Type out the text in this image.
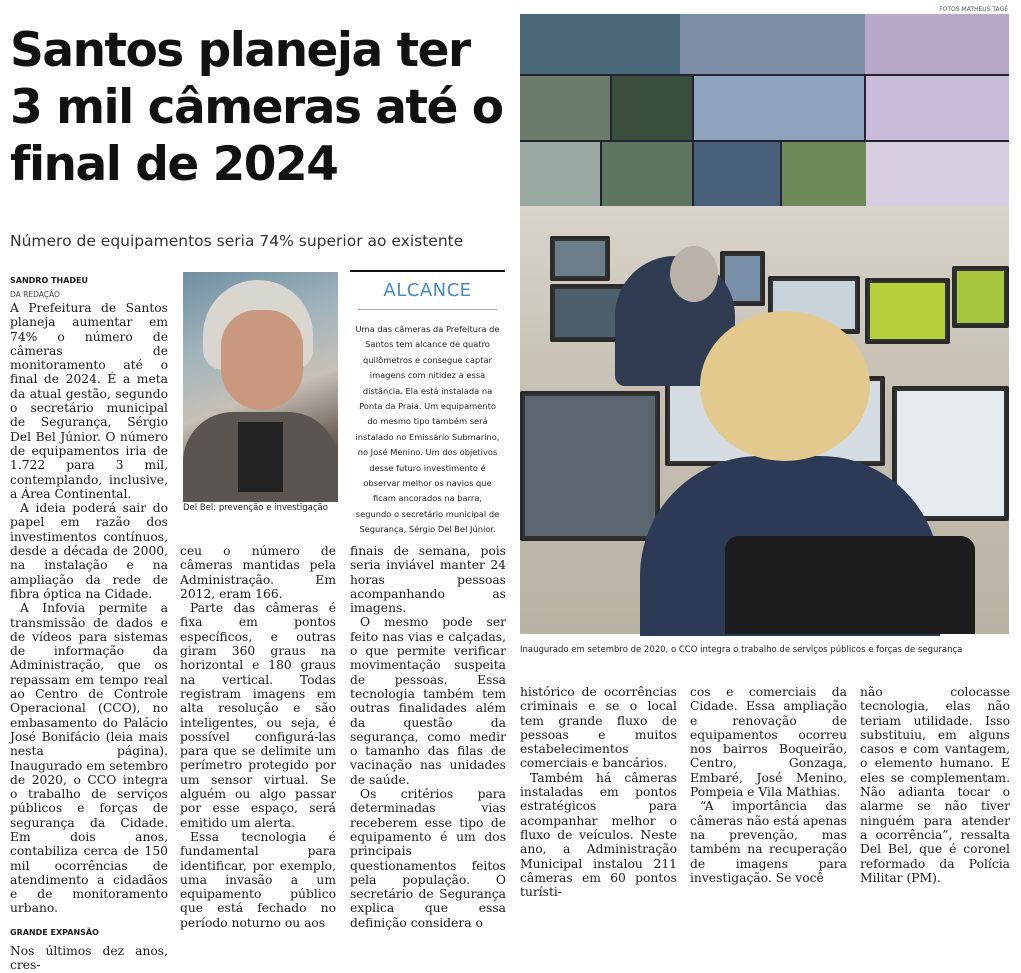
FOTOS MATHEUS TAGÉ
Santos planeja ter 3 mil câmeras até o final de 2024
Número de equipamentos seria 74% superior ao existente
SANDRO THADEU
DA REDAÇÃO

A Prefeitura de Santos planeja aumentar em 74% o número de câmeras de monitoramento até o final de 2024. É a meta da atual gestão, segundo o secretário municipal de Segurança, Sérgio Del Bel Júnior. O número de equipamentos iria de 1.722 para 3 mil, contemplando, inclusive, a Área Continental.

A ideia poderá sair do papel em razão dos investimentos contínuos, desde a década de 2000, na instalação e na ampliação da rede de fibra óptica na Cidade.

A Infovia permite a transmissão de dados e de vídeos para sistemas de informação da Administração, que os repassam em tempo real ao Centro de Controle Operacional (CCO), no embasamento do Palácio José Bonifácio (leia mais nesta página). Inaugurado em setembro de 2020, o CCO integra o trabalho de serviços públicos e forças de segurança da Cidade. Em dois anos, contabiliza cerca de 150 mil ocorrências de atendimento a cidadãos e de monitoramento urbano.

GRANDE EXPANSÃO

Nos últimos dez anos, cres-

Del Bel: prevenção e investigação
ALCANCE
Uma das câmeras da Prefeitura de Santos tem alcance de quatro quilômetros e consegue captar imagens com nitidez a essa distância. Ela está instalada na Ponta da Praia. Um equipamento do mesmo tipo também será instalado no Emissário Submarino, no José Menino. Um dos objetivos desse futuro investimento é observar melhor os navios que ficam ancorados na barra, segundo o secretário municipal de Segurança, Sérgio Del Bel Júnior.

ceu o número de câmeras mantidas pela Administração. Em 2012, eram 166.

Parte das câmeras é fixa em pontos específicos, e outras giram 360 graus na horizontal e 180 graus na vertical. Todas registram imagens em alta resolução e são inteligentes, ou seja, é possível configurá-las para que se delimite um perímetro protegido por um sensor virtual. Se alguém ou algo passar por esse espaço, será emitido um alerta.

Essa tecnologia é fundamental para identificar, por exemplo, uma invasão a um equipamento público que está fechado no período noturno ou aos

finais de semana, pois seria inviável manter 24 horas pessoas acompanhando as imagens.

O mesmo pode ser feito nas vias e calçadas, o que permite verificar movimentação suspeita de pessoas. Essa tecnologia também tem outras finalidades além da questão da segurança, como medir o tamanho das filas de vacinação nas unidades de saúde.

Os critérios para determinadas vias receberem esse tipo de equipamento é um dos principais questionamentos feitos pela população. O secretário de Segurança explica que essa definição considera o

Inaugurado em setembro de 2020, o CCO integra o trabalho de serviços públicos e forças de segurança

histórico de ocorrências criminais e se o local tem grande fluxo de pessoas e muitos estabelecimentos comerciais e bancários.

Também há câmeras instaladas em pontos estratégicos para acompanhar melhor o fluxo de veículos. Neste ano, a Administração Municipal instalou 211 câmeras em 60 pontos turísti-

cos e comerciais da Cidade. Essa ampliação e renovação de equipamentos ocorreu nos bairros Boqueirão, Centro, Gonzaga, Embaré, José Menino, Pompeia e Vila Mathias.

“A importância das câmeras não está apenas na prevenção, mas também na recuperação de imagens para investigação. Se você

não colocasse tecnologia, elas não teriam utilidade. Isso substituiu, em alguns casos e com vantagem, o elemento humano. E eles se complementam. Não adianta tocar o alarme se não tiver ninguém para atender a ocorrência”, ressalta Del Bel, que é coronel reformado da Polícia Militar (PM).
